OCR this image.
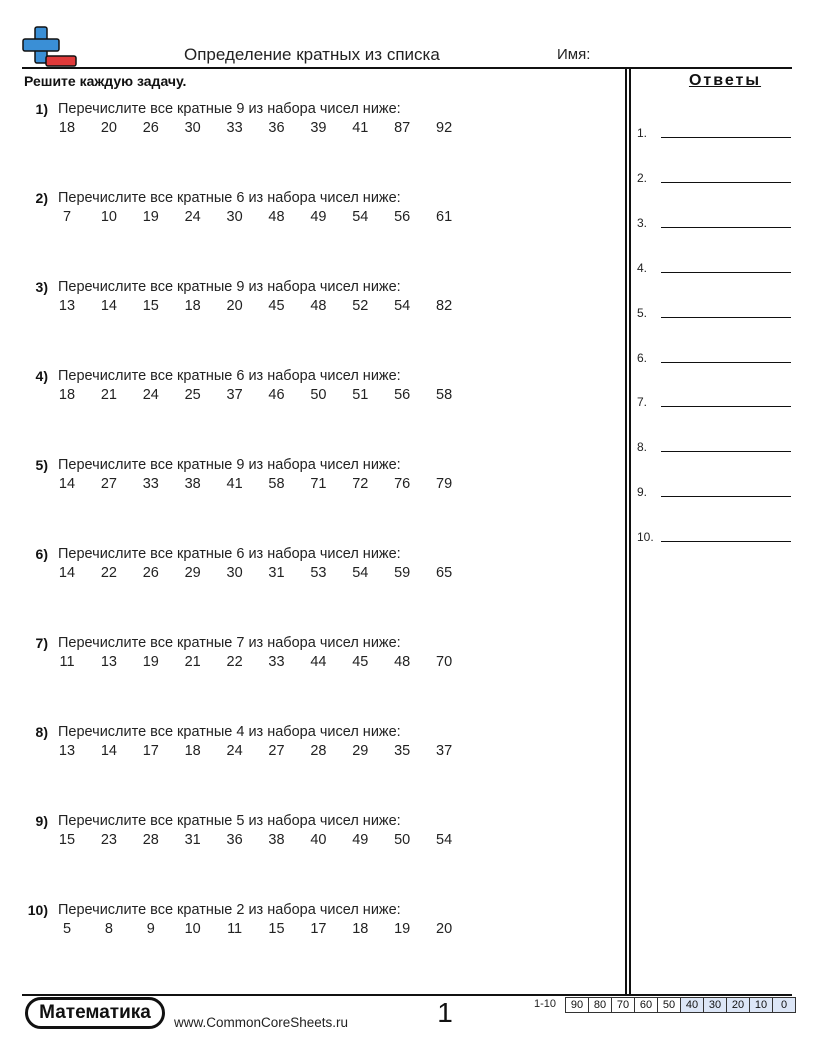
Определение кратных из списка	Имя:
Решите каждую задачу.
1) Перечислите все кратные 9 из набора чисел ниже:
18	20	26	30	33	36	39	41	87	92
2) Перечислите все кратные 6 из набора чисел ниже:
7	10	19	24	30	48	49	54	56	61
3) Перечислите все кратные 9 из набора чисел ниже:
13	14	15	18	20	45	48	52	54	82
4) Перечислите все кратные 6 из набора чисел ниже:
18	21	24	25	37	46	50	51	56	58
5) Перечислите все кратные 9 из набора чисел ниже:
14	27	33	38	41	58	71	72	76	79
6) Перечислите все кратные 6 из набора чисел ниже:
14	22	26	29	30	31	53	54	59	65
7) Перечислите все кратные 7 из набора чисел ниже:
11	13	19	21	22	33	44	45	48	70
8) Перечислите все кратные 4 из набора чисел ниже:
13	14	17	18	24	27	28	29	35	37
9) Перечислите все кратные 5 из набора чисел ниже:
15	23	28	31	36	38	40	49	50	54
10) Перечислите все кратные 2 из набора чисел ниже:
5	8	9	10	11	15	17	18	19	20
Ответы
1.
2.
3.
4.
5.
6.
7.
8.
9.
10.
Математика	www.CommonCoreSheets.ru	1	1-10 90	80	70	60	50	40	30	20	10	0
